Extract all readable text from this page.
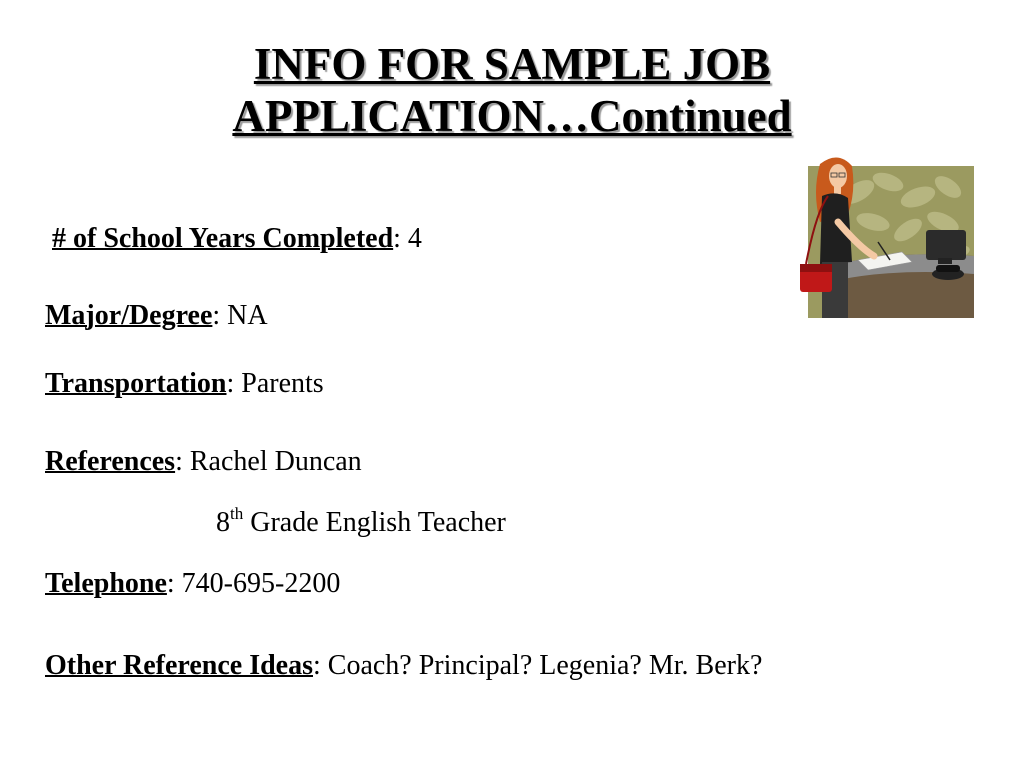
INFO FOR SAMPLE JOB
APPLICATION…Continued
# of School Years Completed: 4
Major/Degree: NA
Transportation: Parents
References: Rachel Duncan
8th Grade English Teacher
Telephone: 740-695-2200
Other Reference Ideas: Coach? Principal? Legenia? Mr. Berk?
